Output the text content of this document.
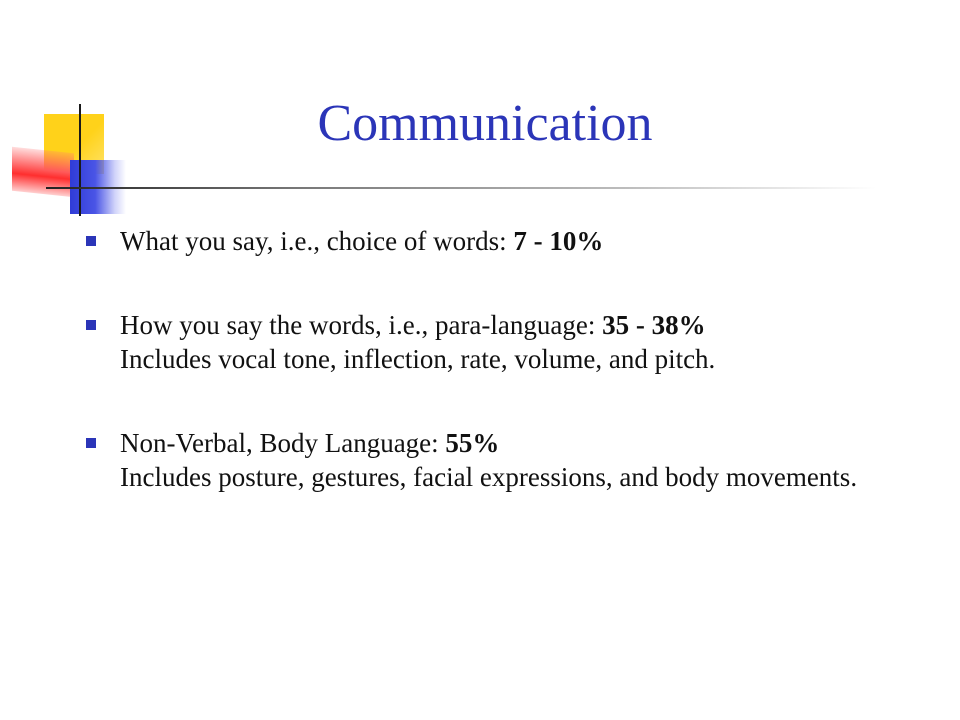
Communication
What you say, i.e., choice of words: 7 - 10%
How you say the words, i.e., para-language: 35 - 38%
Includes vocal tone, inflection, rate, volume, and pitch.
Non-Verbal, Body Language: 55%
Includes posture, gestures, facial expressions, and body movements.
